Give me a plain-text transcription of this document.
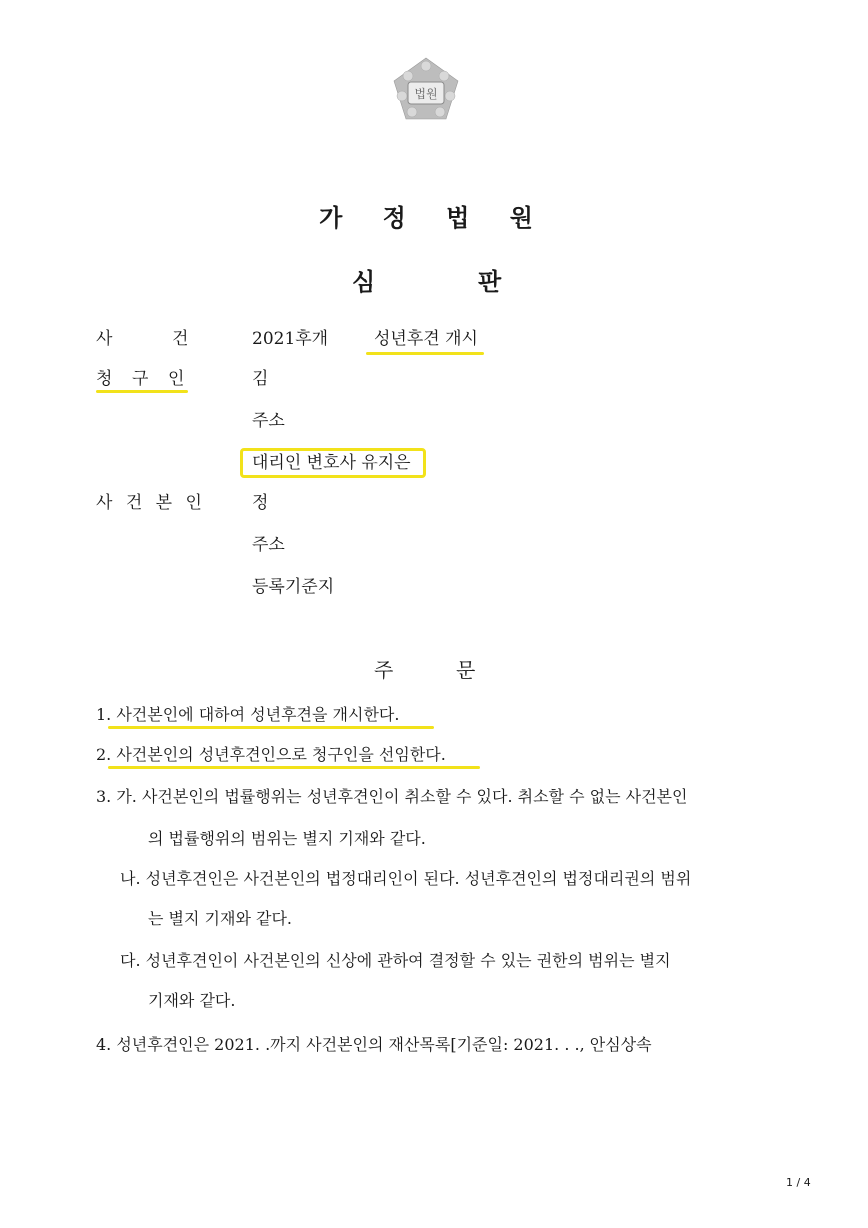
법원
가 정 법 원
심	판
사	건	2021후개	성년후견 개시
청 구 인	김
주소
대리인 변호사 유지은
사 건 본 인	정
주소
등록기준지
주	문
1. 사건본인에 대하여 성년후견을 개시한다.
2. 사건본인의 성년후견인으로 청구인을 선임한다.
3. 가. 사건본인의 법률행위는 성년후견인이 취소할 수 있다. 취소할 수 없는 사건본인
의 법률행위의 범위는 별지 기재와 같다.
나. 성년후견인은 사건본인의 법정대리인이 된다. 성년후견인의 법정대리권의 범위
는 별지 기재와 같다.
다. 성년후견인이 사건본인의 신상에 관하여 결정할 수 있는 권한의 범위는 별지
기재와 같다.
4. 성년후견인은 2021. .까지 사건본인의 재산목록[기준일: 2021. . ., 안심상속
1 / 4
